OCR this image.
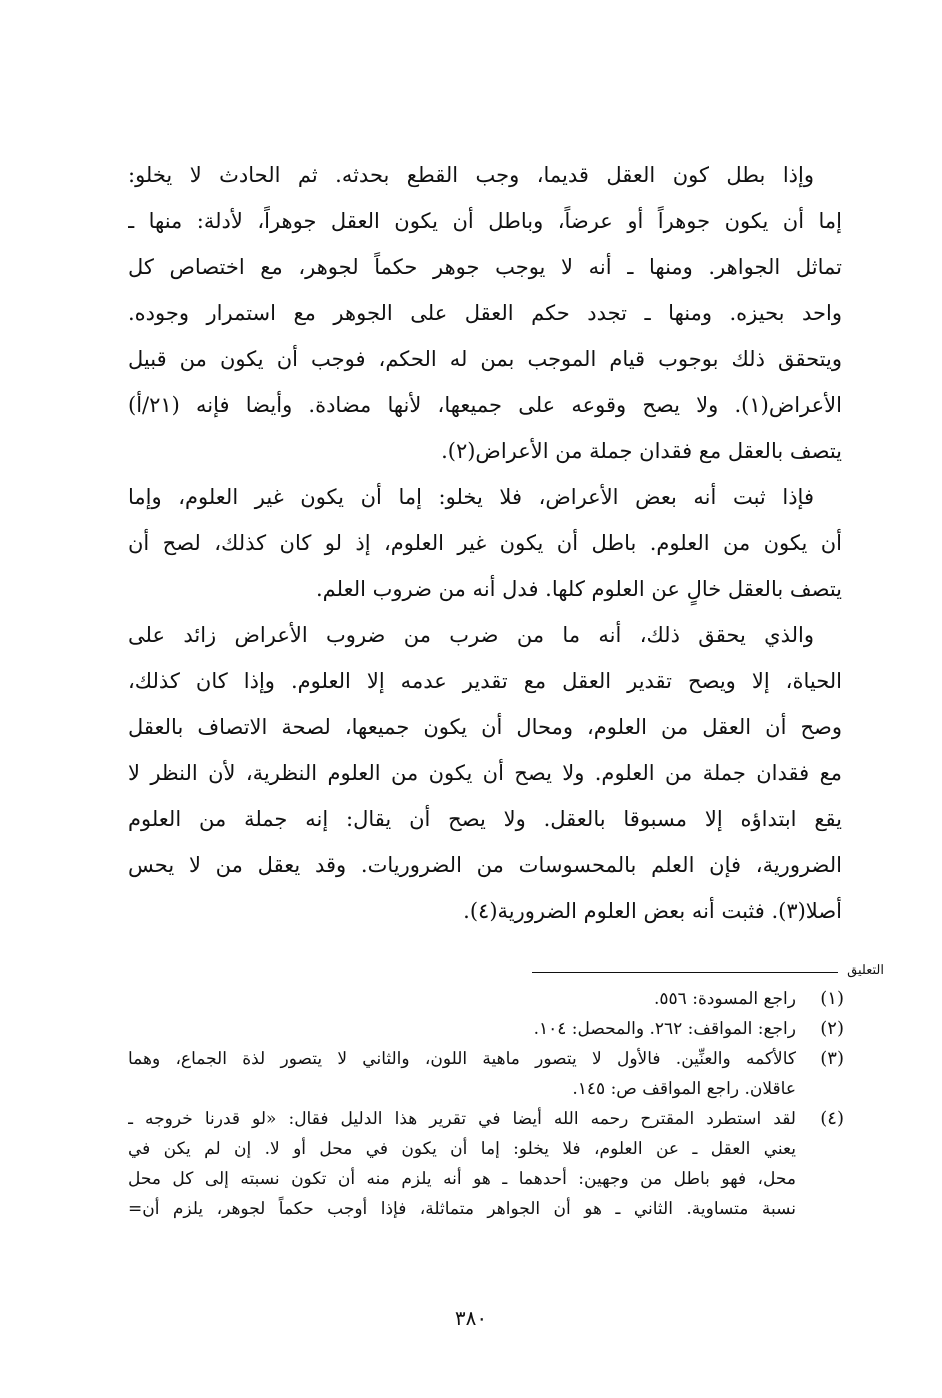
وإذا بطل كون العقل قديما، وجب القطع بحدثه. ثم الحادث لا يخلو:
إما أن يكون جوهراً أو عرضاً، وباطل أن يكون العقل جوهراً، لأدلة: منها ـ
تماثل الجواهر. ومنها ـ أنه لا يوجب جوهر حكماً لجوهر، مع اختصاص كل
واحد بحيزه. ومنها ـ تجدد حكم العقل على الجوهر مع استمرار وجوده.
ويتحقق ذلك بوجوب قيام الموجب بمن له الحكم، فوجب أن يكون من قبيل
الأعراض(١). ولا يصح وقوعه على جميعها، لأنها مضادة. وأيضا فإنه (٢١/أ)
يتصف بالعقل مع فقدان جملة من الأعراض(٢).
فإذا ثبت أنه بعض الأعراض، فلا يخلو: إما أن يكون غير العلوم، وإما
أن يكون من العلوم. باطل أن يكون غير العلوم، إذ لو كان كذلك، لصح أن
يتصف بالعقل خالٍ عن العلوم كلها. فدل أنه من ضروب العلم.
والذي يحقق ذلك، أنه ما من ضرب من ضروب الأعراض زائد على
الحياة، إلا ويصح تقدير العقل مع تقدير عدمه إلا العلوم. وإذا كان كذلك،
وصح أن العقل من العلوم، ومحال أن يكون جميعها، لصحة الاتصاف بالعقل
مع فقدان جملة من العلوم. ولا يصح أن يكون من العلوم النظرية، لأن النظر لا
يقع ابتداؤه إلا مسبوقا بالعقل. ولا يصح أن يقال: إنه جملة من العلوم
الضرورية، فإن العلم بالمحسوسات من الضروريات. وقد يعقل من لا يحس
أصلا(٣). فثبت أنه بعض العلوم الضرورية(٤).
التعليق
(١)
راجع المسودة: ٥٥٦.
(٢)
راجع: المواقف: ٢٦٢. والمحصل: ١٠٤.
(٣)
كالأكمه والعنِّين. فالأول لا يتصور ماهية اللون، والثاني لا يتصور لذة الجماع، وهما
عاقلان. راجع المواقف ص: ١٤٥.
(٤)
لقد استطرد المقترح رحمه الله أيضا في تقرير هذا الدليل فقال: «لو قدرنا خروجه ـ
يعني العقل ـ عن العلوم، فلا يخلو: إما أن يكون في محل أو لا. إن لم يكن في
محل، فهو باطل من وجهين: أحدهما ـ هو أنه يلزم منه أن تكون نسبته إلى كل محل
نسبة متساوية. الثاني ـ هو أن الجواهر متماثلة، فإذا أوجب حكماً لجوهر، يلزم أن=
٣٨٠
